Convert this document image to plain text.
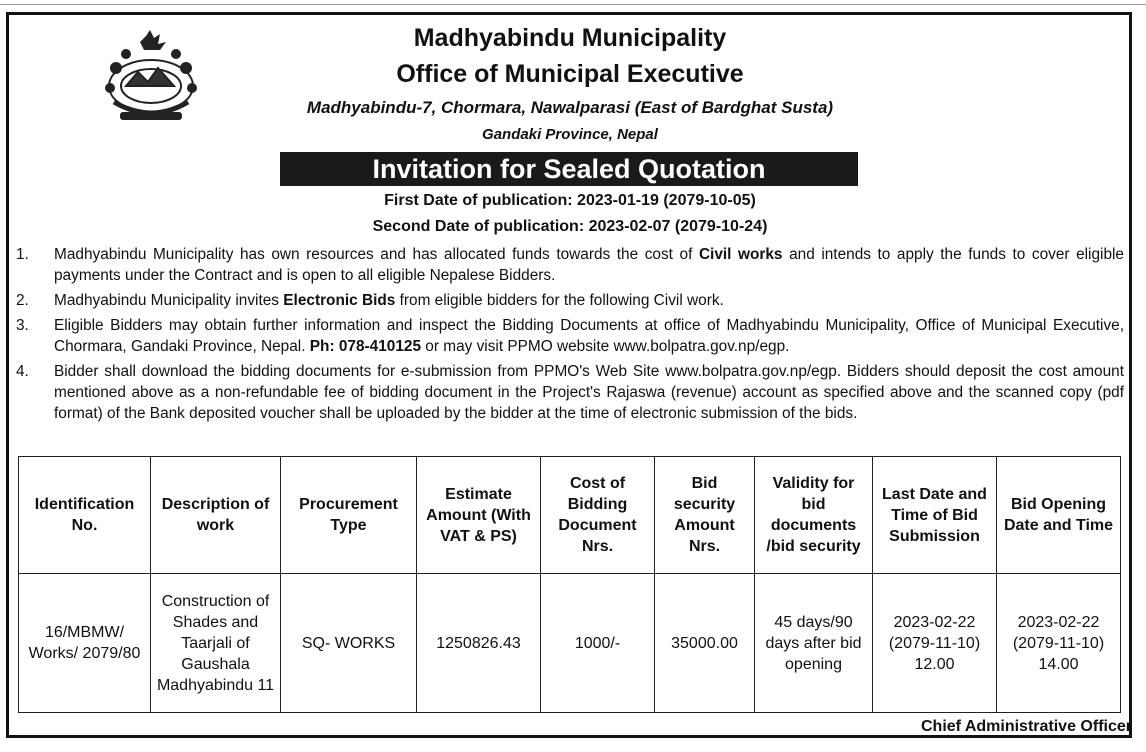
Madhyabindu Municipality
Office of Municipal Executive
Madhyabindu-7, Chormara, Nawalparasi (East of Bardghat Susta)
Gandaki Province, Nepal
Invitation for Sealed Quotation
First Date of publication: 2023-01-19 (2079-10-05)
Second Date of publication: 2023-02-07 (2079-10-24)
1. Madhyabindu Municipality has own resources and has allocated funds towards the cost of Civil works and intends to apply the funds to cover eligible payments under the Contract and is open to all eligible Nepalese Bidders.
2. Madhyabindu Municipality invites Electronic Bids from eligible bidders for the following Civil work.
3. Eligible Bidders may obtain further information and inspect the Bidding Documents at office of Madhyabindu Municipality, Office of Municipal Executive, Chormara, Gandaki Province, Nepal. Ph: 078-410125 or may visit PPMO website www.bolpatra.gov.np/egp.
4. Bidder shall download the bidding documents for e-submission from PPMO's Web Site www.bolpatra.gov.np/egp. Bidders should deposit the cost amount mentioned above as a non-refundable fee of bidding document in the Project's Rajaswa (revenue) account as specified above and the scanned copy (pdf format) of the Bank deposited voucher shall be uploaded by the bidder at the time of electronic submission of the bids.
Identification No.	Description of work	Procurement Type	Estimate Amount (With VAT & PS)	Cost of Bidding Document Nrs.	Bid security Amount Nrs.	Validity for bid documents /bid security	Last Date and Time of Bid Submission	Bid Opening Date and Time
16/MBMW/ Works/ 2079/80	Construction of Shades and Taarjali of Gaushala Madhyabindu 11	SQ- WORKS	1250826.43	1000/-	35000.00	45 days/90 days after bid opening	2023-02-22 (2079-11-10) 12.00	2023-02-22 (2079-11-10) 14.00
Chief Administrative Officer
